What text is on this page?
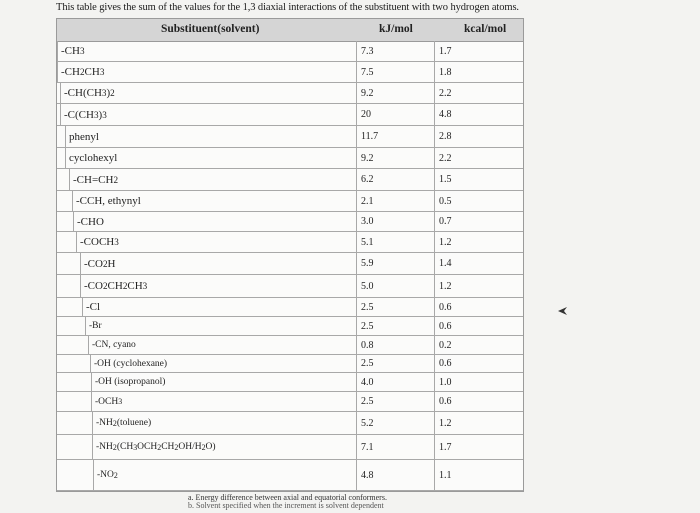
This table gives the sum of the values for the 1,3 diaxial interactions of the substituent with two hydrogen atoms.
Substituent(solvent)	kJ/mol	kcal/mol
-CH 3	7.3	1.7
-CH 2 CH 3	7.5	1.8
-CH(CH 3 ) 2	9.2	2.2
-C(CH 3 ) 3	20	4.8
phenyl	11.7	2.8
cyclohexyl	9.2	2.2
-CH=CH 2	6.2	1.5
-CCH, ethynyl	2.1	0.5
-CHO	3.0	0.7
-COCH 3	5.1	1.2
-CO 2 H	5.9	1.4
-CO 2 CH 2 CH 3	5.0	1.2
-Cl	2.5	0.6
-Br	2.5	0.6
-CN, cyano	0.8	0.2
-OH (cyclohexane)	2.5	0.6
-OH (isopropanol)	4.0	1.0
-OCH 3	2.5	0.6
-NH 2 (toluene)	5.2	1.2
-NH 2 (CH 3 OCH 2 CH 2 OH/H 2 O)	7.1	1.7
-NO 2	4.8	1.1
a. Energy difference between axial and equatorial conformers.
b. Solvent specified when the increment is solvent dependent
